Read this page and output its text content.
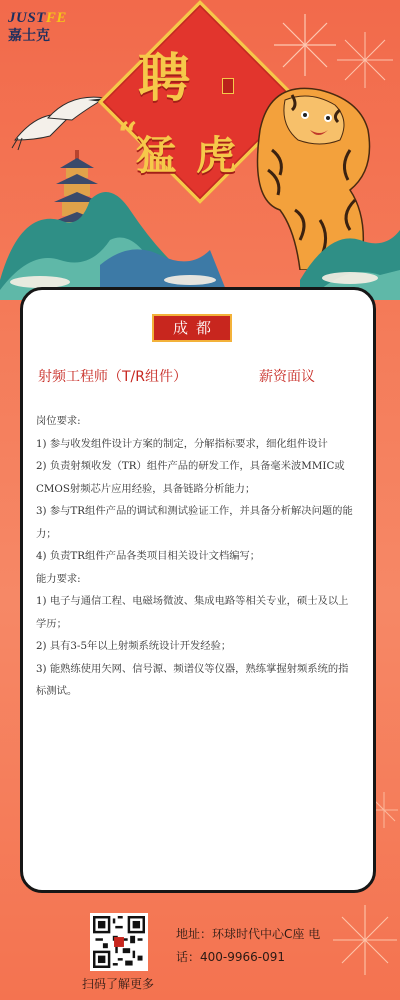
JUSTFE
嘉士克
聘
“
猛 虎
成都
射频工程师（T/R组件）	薪资面议
岗位要求:
1) 参与收发组件设计方案的制定，分解指标要求，细化组件设计
2) 负责射频收发（TR）组件产品的研发工作，具备毫米波MMIC或
CMOS射频芯片应用经验，具备链路分析能力；
3) 参与TR组件产品的调试和测试验证工作，并具备分析解决问题的能
力；
4) 负责TR组件产品各类项目相关设计文档编写；
能力要求:
1) 电子与通信工程、电磁场微波、集成电路等相关专业，硕士及以上
学历；
2) 具有3-5年以上射频系统设计开发经验；
3) 能熟练使用矢网、信号源、频谱仪等仪器，熟练掌握射频系统的指
标测试。
扫码了解更多
地址：环球时代中心C座 电
话：400-9966-091
